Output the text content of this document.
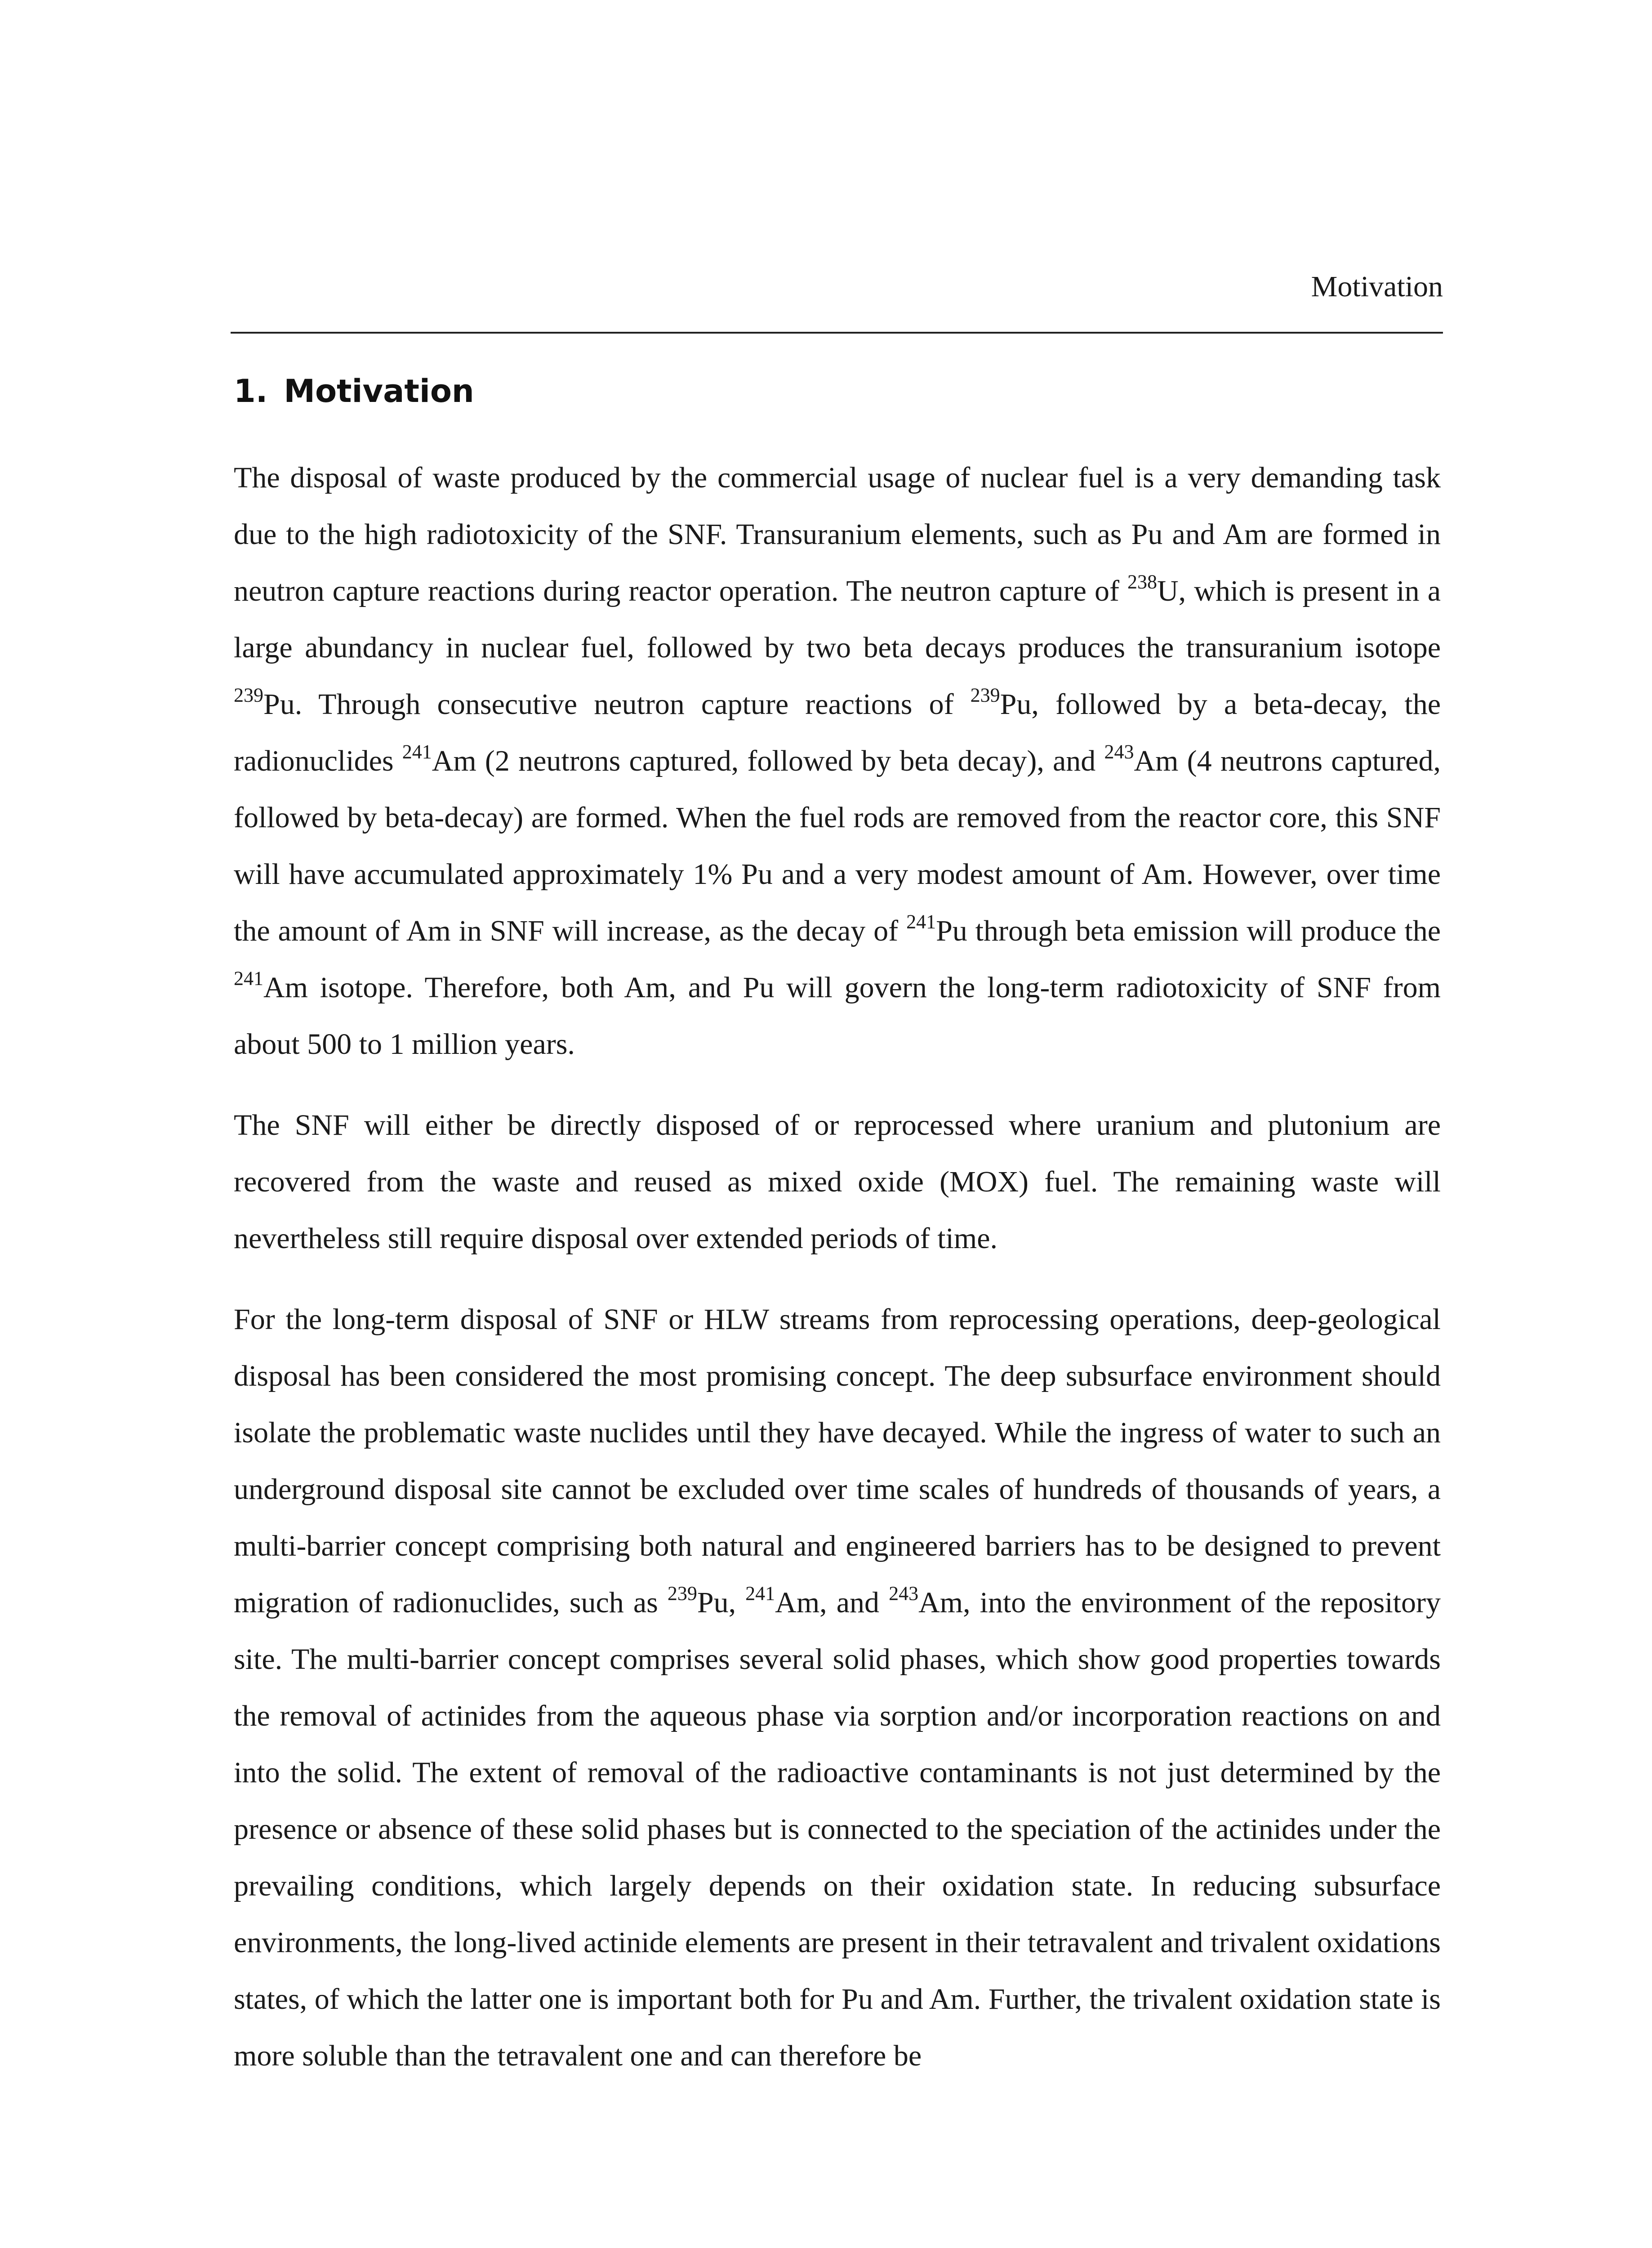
Motivation
1. Motivation

The disposal of waste produced by the commercial usage of nuclear fuel is a very demanding task due to the high radiotoxicity of the SNF. Transuranium elements, such as Pu and Am are formed in neutron capture reactions during reactor operation. The neutron capture of $^{238}$U, which is present in a large abundancy in nuclear fuel, followed by two beta decays produces the transuranium isotope $^{239}$Pu. Through consecutive neutron capture reactions of $^{239}$Pu, followed by a beta-decay, the radionuclides $^{241}$Am (2 neutrons captured, followed by beta decay), and $^{243}$Am (4 neutrons captured, followed by beta-decay) are formed. When the fuel rods are removed from the reactor core, this SNF will have accumulated approximately 1% Pu and a very modest amount of Am. However, over time the amount of Am in SNF will increase, as the decay of $^{241}$Pu through beta emission will produce the $^{241}$Am isotope. Therefore, both Am, and Pu will govern the long-term radiotoxicity of SNF from about 500 to 1 million years.

The SNF will either be directly disposed of or reprocessed where uranium and plutonium are recovered from the waste and reused as mixed oxide (MOX) fuel. The remaining waste will nevertheless still require disposal over extended periods of time.

For the long-term disposal of SNF or HLW streams from reprocessing operations, deep-geological disposal has been considered the most promising concept. The deep subsurface environment should isolate the problematic waste nuclides until they have decayed. While the ingress of water to such an underground disposal site cannot be excluded over time scales of hundreds of thousands of years, a multi-barrier concept comprising both natural and engineered barriers has to be designed to prevent migration of radionuclides, such as $^{239}$Pu, $^{241}$Am, and $^{243}$Am, into the environment of the repository site. The multi-barrier concept comprises several solid phases, which show good properties towards the removal of actinides from the aqueous phase via sorption and/or incorporation reactions on and into the solid. The extent of removal of the radioactive contaminants is not just determined by the presence or absence of these solid phases but is connected to the speciation of the actinides under the prevailing conditions, which largely depends on their oxidation state. In reducing subsurface environments, the long-lived actinide elements are present in their tetravalent and trivalent oxidations states, of which the latter one is important both for Pu and Am. Further, the trivalent oxidation state is more soluble than the tetravalent one and can therefore be
